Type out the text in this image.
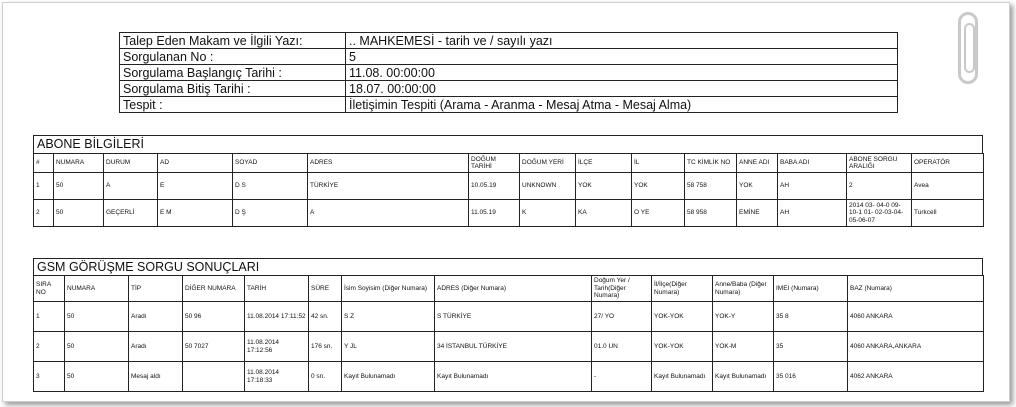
Talep Eden Makam ve İlgili Yazı:	.. MAHKEMESİ - tarih ve / sayılı yazı
Sorgulanan No :	5
Sorgulama Başlangıç Tarihi :	11.08. 00:00:00
Sorgulama Bitiş Tarihi :	18.07. 00:00:00
Tespit :	İletişimin Tespiti (Arama - Aranma - Mesaj Atma - Mesaj Alma)
ABONE BİLGİLERİ
#	NUMARA	DURUM	AD	SOYAD	ADRES	DOĞUM TARİHİ	DOĞUM YERİ	İLÇE	İL	TC KİMLİK NO	ANNE ADI	BABA ADI	ABONE SORGU ARALIĞI	OPERATÖR
1	50	A	E	D S	TÜRKİYE	10.05.19	UNKNOWN	YOK	YOK	58 758	YOK	AH	2	Avea
2	50	GEÇERLİ	E M	D Ş	A	11.05.19	K	KA	O YE	58 958	EMİNE	AH	2014 03- 04-0 09- 10-1 01- 02-03-04-05-06-07	Turkcell
GSM GÖRÜŞME SORGU SONUÇLARI
SIRA NO	NUMARA	TİP	DİĞER NUMARA	TARİH	SÜRE	İsim Soyisim (Diğer Numara)	ADRES (Diğer Numara)	Doğum Yer / Tarih(Diğer Numara)	İl/İlçe(Diğer Numara)	Anne/Baba (Diğer Numara)	IMEI (Numara)	BAZ (Numara)
1	50	Aradı	50 96	11.08.2014 17:11:52	42 sn.	S Z	S TÜRKİYE	27/ YO	YOK-YOK	YOK-Y	35 8	4060 ANKARA
2	50	Aradı	50 7027	11.08.2014 17:12:56	176 sn.	Y JL	34 İSTANBUL TÜRKİYE	01.0 UN	YOK-YOK	YOK-M	35	4060 ANKARA,ANKARA
3	50	Mesaj aldı		11.08.2014 17:18:33	0 sn.	Kayıt Bulunamadı	Kayıt Bulunamadı	-	Kayıt Bulunamadı	Kayıt Bulunamadı	35 016	4062 ANKARA
